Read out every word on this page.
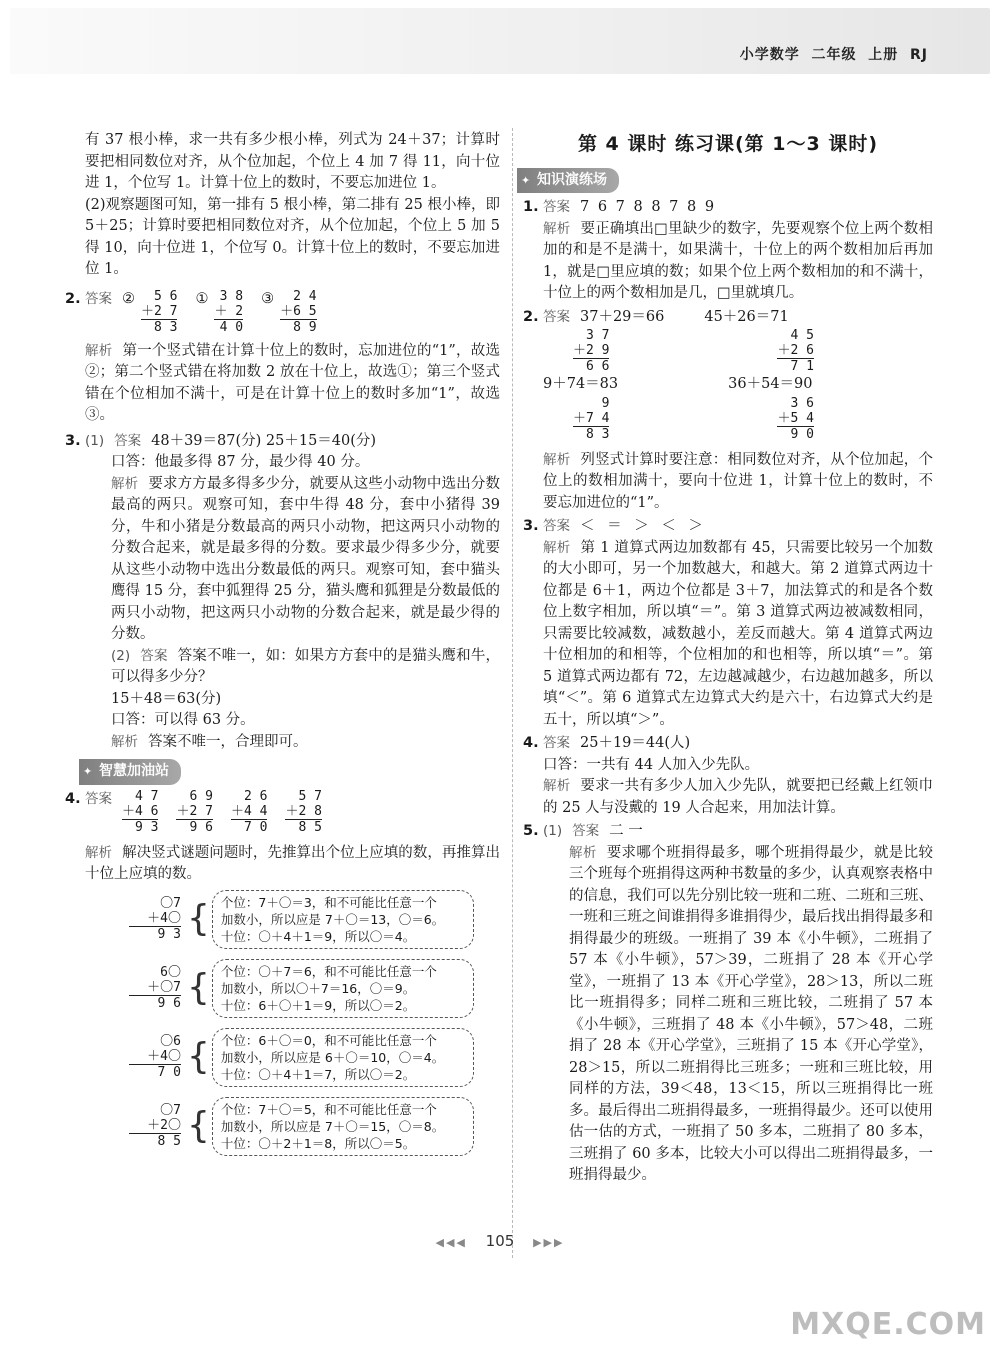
小学数学  二年级  上册  RJ

有 37 根小棒，求一共有多少根小棒，列式为 24＋37；计算时要把相同数位对齐，从个位加起，个位上 4 加 7 得 11，向十位进 1，个位写 1。计算十位上的数时，不要忘加进位 1。

(2)观察题图可知，第一排有 5 根小棒，第二排有 25 根小棒，即 5＋25；计算时要把相同数位对齐，从个位加起，个位上 5 加 5 得 10，向十位进 1，个位写 0。计算十位上的数时，不要忘加进位 1。

2. 答案 ②	5 6
＋2 7
8 3
① 3 8
＋ 2
4 0
③	2 4
＋6 5
8 9

解析 第一个竖式错在计算十位上的数时，忘加进位的“1”，故选②；第二个竖式错在将加数 2 放在十位上，故选①；第三个竖式错在个位相加不满十，可是在计算十位上的数时多加“1”，故选③。

3. (1) 答案 48＋39＝87(分) 25＋15＝40(分)

口答：他最多得 87 分，最少得 40 分。

解析 要求方方最多得多少分，就要从这些小动物中选出分数最高的两只。观察可知，套中牛得 48 分，套中小猪得 39 分，牛和小猪是分数最高的两只小动物，把这两只小动物的分数合起来，就是最多得的分数。要求最少得多少分，就要从这些小动物中选出分数最低的两只。观察可知，套中猫头鹰得 15 分，套中狐狸得 25 分，猫头鹰和狐狸是分数最低的两只小动物，把这两只小动物的分数合起来，就是最少得的分数。

(2) 答案 答案不唯一，如：如果方方套中的是猫头鹰和牛，可以得多少分？

15＋48＝63(分)

口答：可以得 63 分。

解析 答案不唯一，合理即可。

✦ 智慧加油站
4. 答案	4 7
＋4 6
9 3
6 9
＋2 7
9 6
2 6
＋4 4
7 0
5 7
＋2 8
8 5

解析 解决竖式谜题问题时，先推算出个位上应填的数，再推算出十位上应填的数。

〇7
＋4〇
9 3 { 个位：7＋〇＝3，和不可能比任意一个
加数小，所以应是 7＋〇＝13，〇＝6。
十位：〇＋4＋1＝9，所以〇＝4。
6〇
＋〇7
9 6 { 个位：〇＋7＝6，和不可能比任意一个
加数小，所以〇＋7＝16，〇＝9。
十位：6＋〇＋1＝9，所以〇＝2。
〇6
＋4〇
7 0 { 个位：6＋〇＝0，和不可能比任意一个
加数小，所以应是 6＋〇＝10，〇＝4。
十位：〇＋4＋1＝7，所以〇＝2。
〇7
＋2〇
8 5 { 个位：7＋〇＝5，和不可能比任意一个
加数小，所以应是 7＋〇＝15，〇＝8。
十位：〇＋2＋1＝8，所以〇＝5。
第 4 课时 练习课(第 1～3 课时)
✦ 知识演练场
1. 答案 7 6 7 8 8 7 8 9

解析 要正确填出□里缺少的数字，先要观察个位上两个数相加的和是不是满十，如果满十，十位上的两个数相加后再加 1，就是□里应填的数；如果个位上两个数相加的和不满十，十位上的两个数相加是几，□里就填几。

2. 答案 37＋29＝66	45＋26＝71

3 7
＋2 9
6 6
4 5
＋2 6
7 1

9＋74＝83	36＋54＝90

9
＋7 4
8 3
3 6
＋5 4
9 0

解析 列竖式计算时要注意：相同数位对齐，从个位加起，个位上的数相加满十，要向十位进 1，计算十位上的数时，不要忘加进位的“1”。

3. 答案 ＜ ＝ ＞ ＜ ＞

解析 第 1 道算式两边加数都有 45，只需要比较另一个加数的大小即可，另一个加数越大，和越大。第 2 道算式两边十位都是 6＋1，两边个位都是 3＋7，加法算式的和是各个数位上数字相加，所以填“＝”。第 3 道算式两边被减数相同，只需要比较减数，减数越小，差反而越大。第 4 道算式两边十位相加的和相等，个位相加的和也相等，所以填“＝”。第 5 道算式两边都有 72，左边越减越少，右边越加越多，所以填“＜”。第 6 道算式左边算式大约是六十，右边算式大约是五十，所以填“＞”。

4. 答案 25＋19＝44(人)

口答：一共有 44 人加入少先队。

解析 要求一共有多少人加入少先队，就要把已经戴上红领巾的 25 人与没戴的 19 人合起来，用加法计算。

5. (1) 答案 二 一

解析 要求哪个班捐得最多，哪个班捐得最少，就是比较三个班每个班捐得这两种书数量的多少，认真观察表格中的信息，我们可以先分别比较一班和二班、二班和三班、一班和三班之间谁捐得多谁捐得少，最后找出捐得最多和捐得最少的班级。一班捐了 39 本《小牛顿》，二班捐了 57 本《小牛顿》，57＞39，二班捐了 28 本《开心学堂》，一班捐了 13 本《开心学堂》，28＞13，所以二班比一班捐得多；同样二班和三班比较，二班捐了 57 本《小牛顿》，三班捐了 48 本《小牛顿》，57＞48，二班捐了 28 本《开心学堂》，三班捐了 15 本《开心学堂》，28＞15，所以二班捐得比三班多；一班和三班比较，用同样的方法，39＜48，13＜15，所以三班捐得比一班多。最后得出二班捐得最多，一班捐得最少。还可以使用估一估的方式，一班捐了 50 多本，二班捐了 80 多本，三班捐了 60 多本，比较大小可以得出二班捐得最多，一班捐得最少。

◀◀◀ 105 ▶▶▶
MXQE.COM
